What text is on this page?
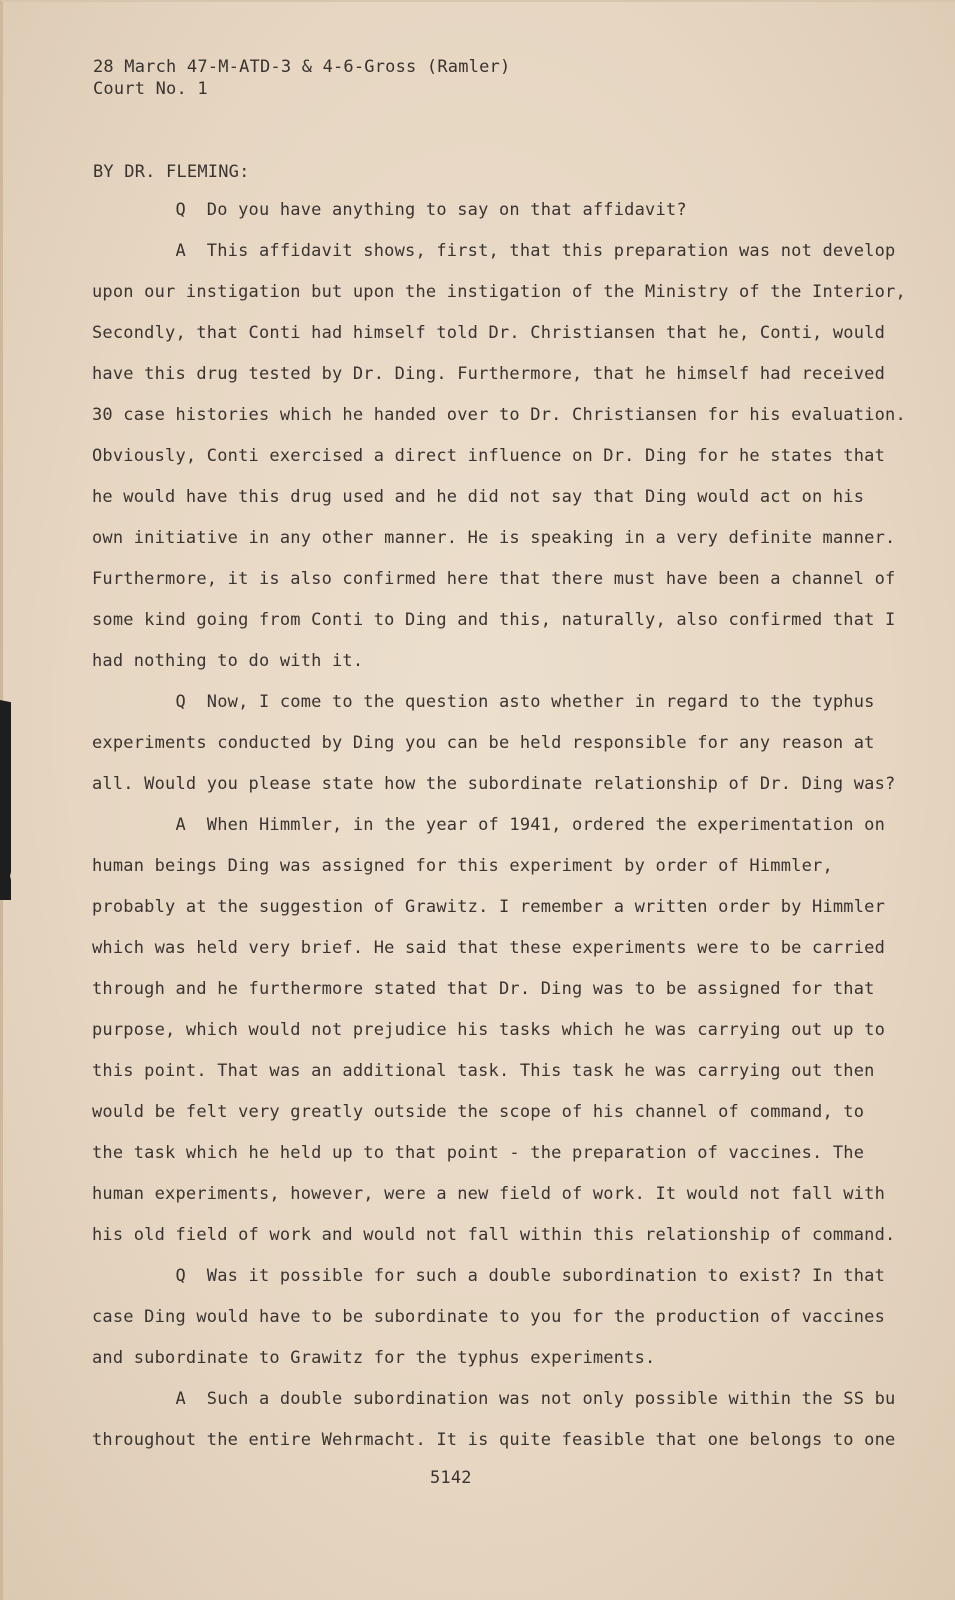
28 March 47-M-ATD-3 & 4-6-Gross (Ramler)
Court No. 1
BY DR. FLEMING:
Q  Do you have anything to say on that affidavit?
A  This affidavit shows, first, that this preparation was not develop
upon our instigation but upon the instigation of the Ministry of the Interior,
Secondly, that Conti had himself told Dr. Christiansen that he, Conti, would
have this drug tested by Dr. Ding. Furthermore, that he himself had received
30 case histories which he handed over to Dr. Christiansen for his evaluation.
Obviously, Conti exercised a direct influence on Dr. Ding for he states that
he would have this drug used and he did not say that Ding would act on his
own initiative in any other manner. He is speaking in a very definite manner.
Furthermore, it is also confirmed here that there must have been a channel of
some kind going from Conti to Ding and this, naturally, also confirmed that I
had nothing to do with it.
Q  Now, I come to the question asto whether in regard to the typhus
experiments conducted by Ding you can be held responsible for any reason at
all. Would you please state how the subordinate relationship of Dr. Ding was?
A  When Himmler, in the year of 1941, ordered the experimentation on
human beings Ding was assigned for this experiment by order of Himmler,
probably at the suggestion of Grawitz. I remember a written order by Himmler
which was held very brief. He said that these experiments were to be carried
through and he furthermore stated that Dr. Ding was to be assigned for that
purpose, which would not prejudice his tasks which he was carrying out up to
this point. That was an additional task. This task he was carrying out then
would be felt very greatly outside the scope of his channel of command, to
the task which he held up to that point - the preparation of vaccines. The
human experiments, however, were a new field of work. It would not fall with
his old field of work and would not fall within this relationship of command.
Q  Was it possible for such a double subordination to exist? In that
case Ding would have to be subordinate to you for the production of vaccines
and subordinate to Grawitz for the typhus experiments.
A  Such a double subordination was not only possible within the SS bu
throughout the entire Wehrmacht. It is quite feasible that one belongs to one
5142
